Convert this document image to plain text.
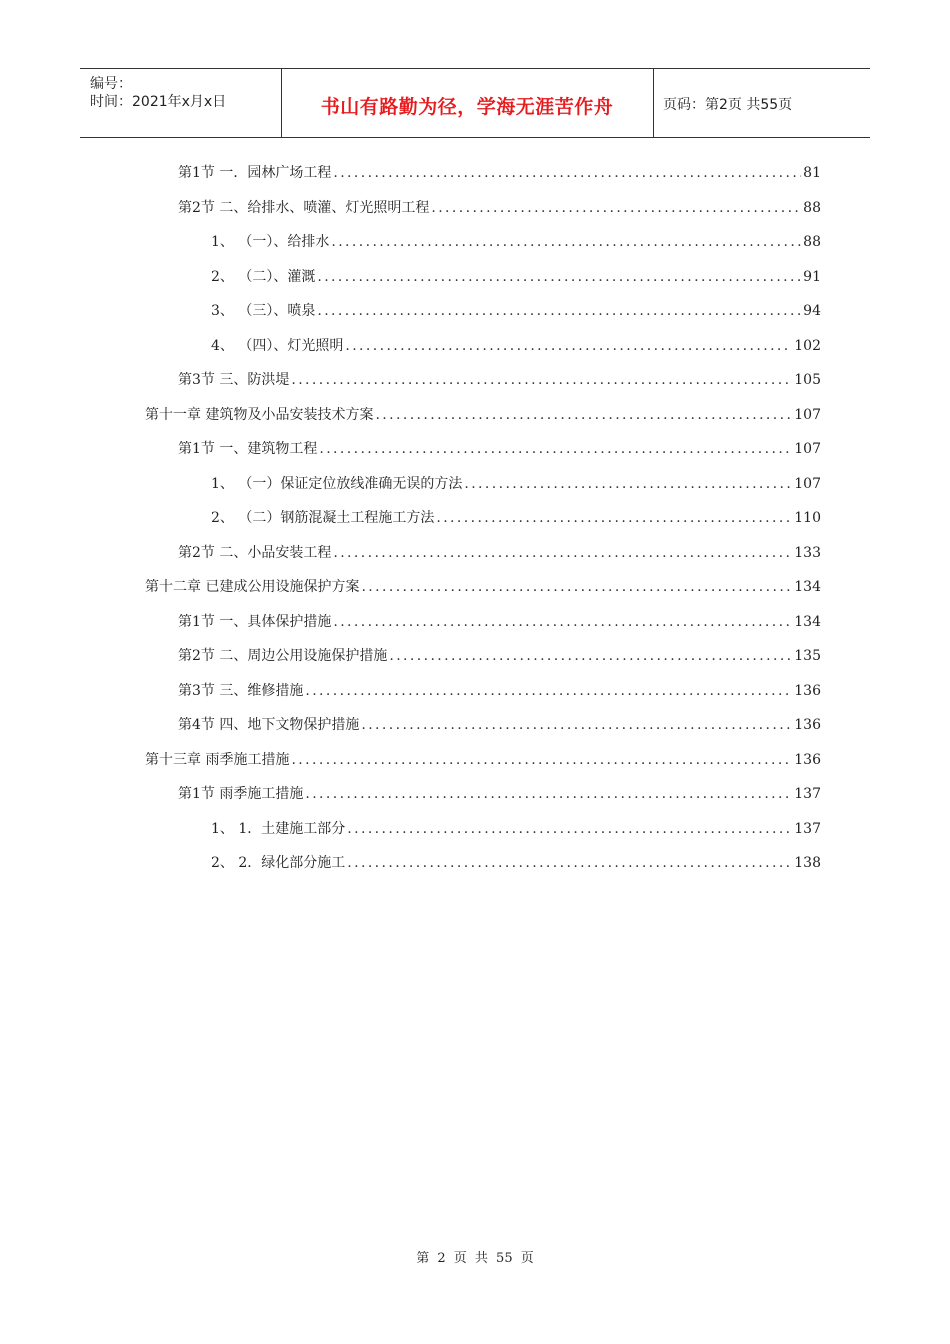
编号：
时间：2021年x月x日	书山有路勤为径，学海无涯苦作舟	页码：第2页 共55页
第1节 一．园林广场工程 .....	81
第2节 二、给排水、喷灌、灯光照明工程 .....	88
1、 （一）、给排水 .....	88
2、 （二）、灌溉 .....	91
3、 （三）、喷泉 .....	94
4、 （四）、灯光照明 .....	102
第3节 三、防洪堤 .....	105
第十一章 建筑物及小品安装技术方案 .....	107
第1节 一、建筑物工程 .....	107
1、 （一）保证定位放线准确无误的方法 .....	107
2、 （二）钢筋混凝土工程施工方法 .....	110
第2节 二、小品安装工程 .....	133
第十二章 已建成公用设施保护方案 .....	134
第1节 一、具体保护措施 .....	134
第2节 二、周边公用设施保护措施 .....	135
第3节 三、维修措施 .....	136
第4节 四、地下文物保护措施 .....	136
第十三章 雨季施工措施 .....	136
第1节 雨季施工措施 .....	137
1、 1．土建施工部分 .....	137
2、 2．绿化部分施工 .....	138
第 2 页 共 55 页
